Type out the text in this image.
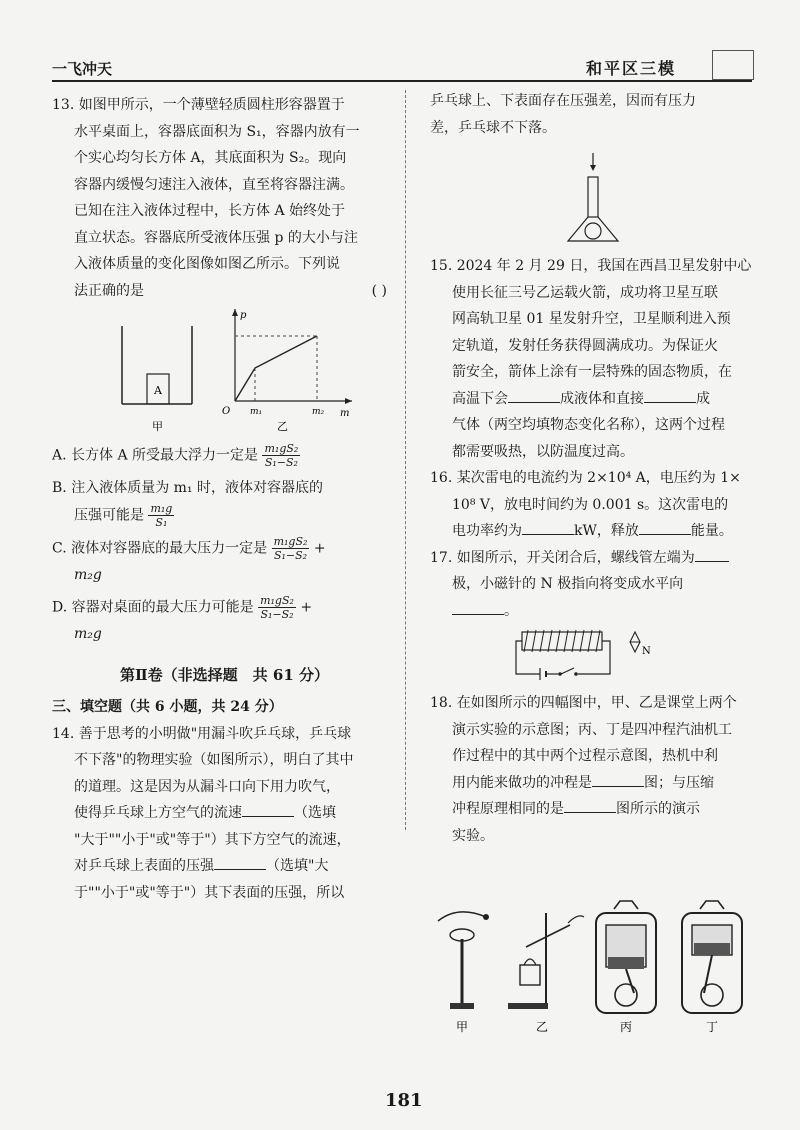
一飞冲天	和平区三模

13. 如图甲所示，一个薄壁轻质圆柱形容器置于

水平桌面上，容器底面积为 S₁，容器内放有一

个实心均匀长方体 A，其底面积为 S₂。现向

容器内缓慢匀速注入液体，直至将容器注满。

已知在注入液体过程中，长方体 A 始终处于

直立状态。容器底所受液体压强 p 的大小与注

入液体质量的变化图像如图乙所示。下列说

法正确的是	( )

A
甲
p
m
O m₁	m₂
乙

A. 长方体 A 所受最大浮力一定是 $\frac{\text{m₁gS₂}}{\text{S₁−S₂}}$

B. 注入液体质量为 m₁ 时，液体对容器底的

压强可能是 $\frac{\text{m₁g}}{\text{S₁}}$

C. 液体对容器底的最大压力一定是 $\frac{\text{m₁gS₂}}{\text{S₁−S₂}}$ +

m₂g

D. 容器对桌面的最大压力可能是 $\frac{\text{m₁gS₂}}{\text{S₁−S₂}}$ +

m₂g

第Ⅱ卷（非选择题　共 61 分）

三、填空题（共 6 小题，共 24 分）

14. 善于思考的小明做"用漏斗吹乒乓球，乒乓球

不下落"的物理实验（如图所示），明白了其中

的道理。这是因为从漏斗口向下用力吹气，

使得乒乓球上方空气的流速	（选填

"大于""小于"或"等于"）其下方空气的流速，

对乒乓球上表面的压强	（选填"大

于""小于"或"等于"）其下表面的压强，所以

乒乓球上、下表面存在压强差，因而有压力

差，乒乓球不下落。

15. 2024 年 2 月 29 日，我国在西昌卫星发射中心

使用长征三号乙运载火箭，成功将卫星互联

网高轨卫星 01 星发射升空，卫星顺利进入预

定轨道，发射任务获得圆满成功。为保证火

箭安全，箭体上涂有一层特殊的固态物质，在

高温下会	成液体和直接	成

气体（两空均填物态变化名称），这两个过程

都需要吸热，以防温度过高。

16. 某次雷电的电流约为 2×10⁴ A，电压约为 1×

10⁸ V，放电时间约为 0.001 s。这次雷电的

电功率约为	kW，释放	能量。

17. 如图所示，开关闭合后，螺线管左端为

极，小磁针的 N 极指向将变成水平向

。

N

18. 在如图所示的四幅图中，甲、乙是课堂上两个

演示实验的示意图；丙、丁是四冲程汽油机工

作过程中的其中两个过程示意图，热机中利

用内能来做功的冲程是	图；与压缩

冲程原理相同的是	图所示的演示

实验。

甲	乙	丙	丁
181
